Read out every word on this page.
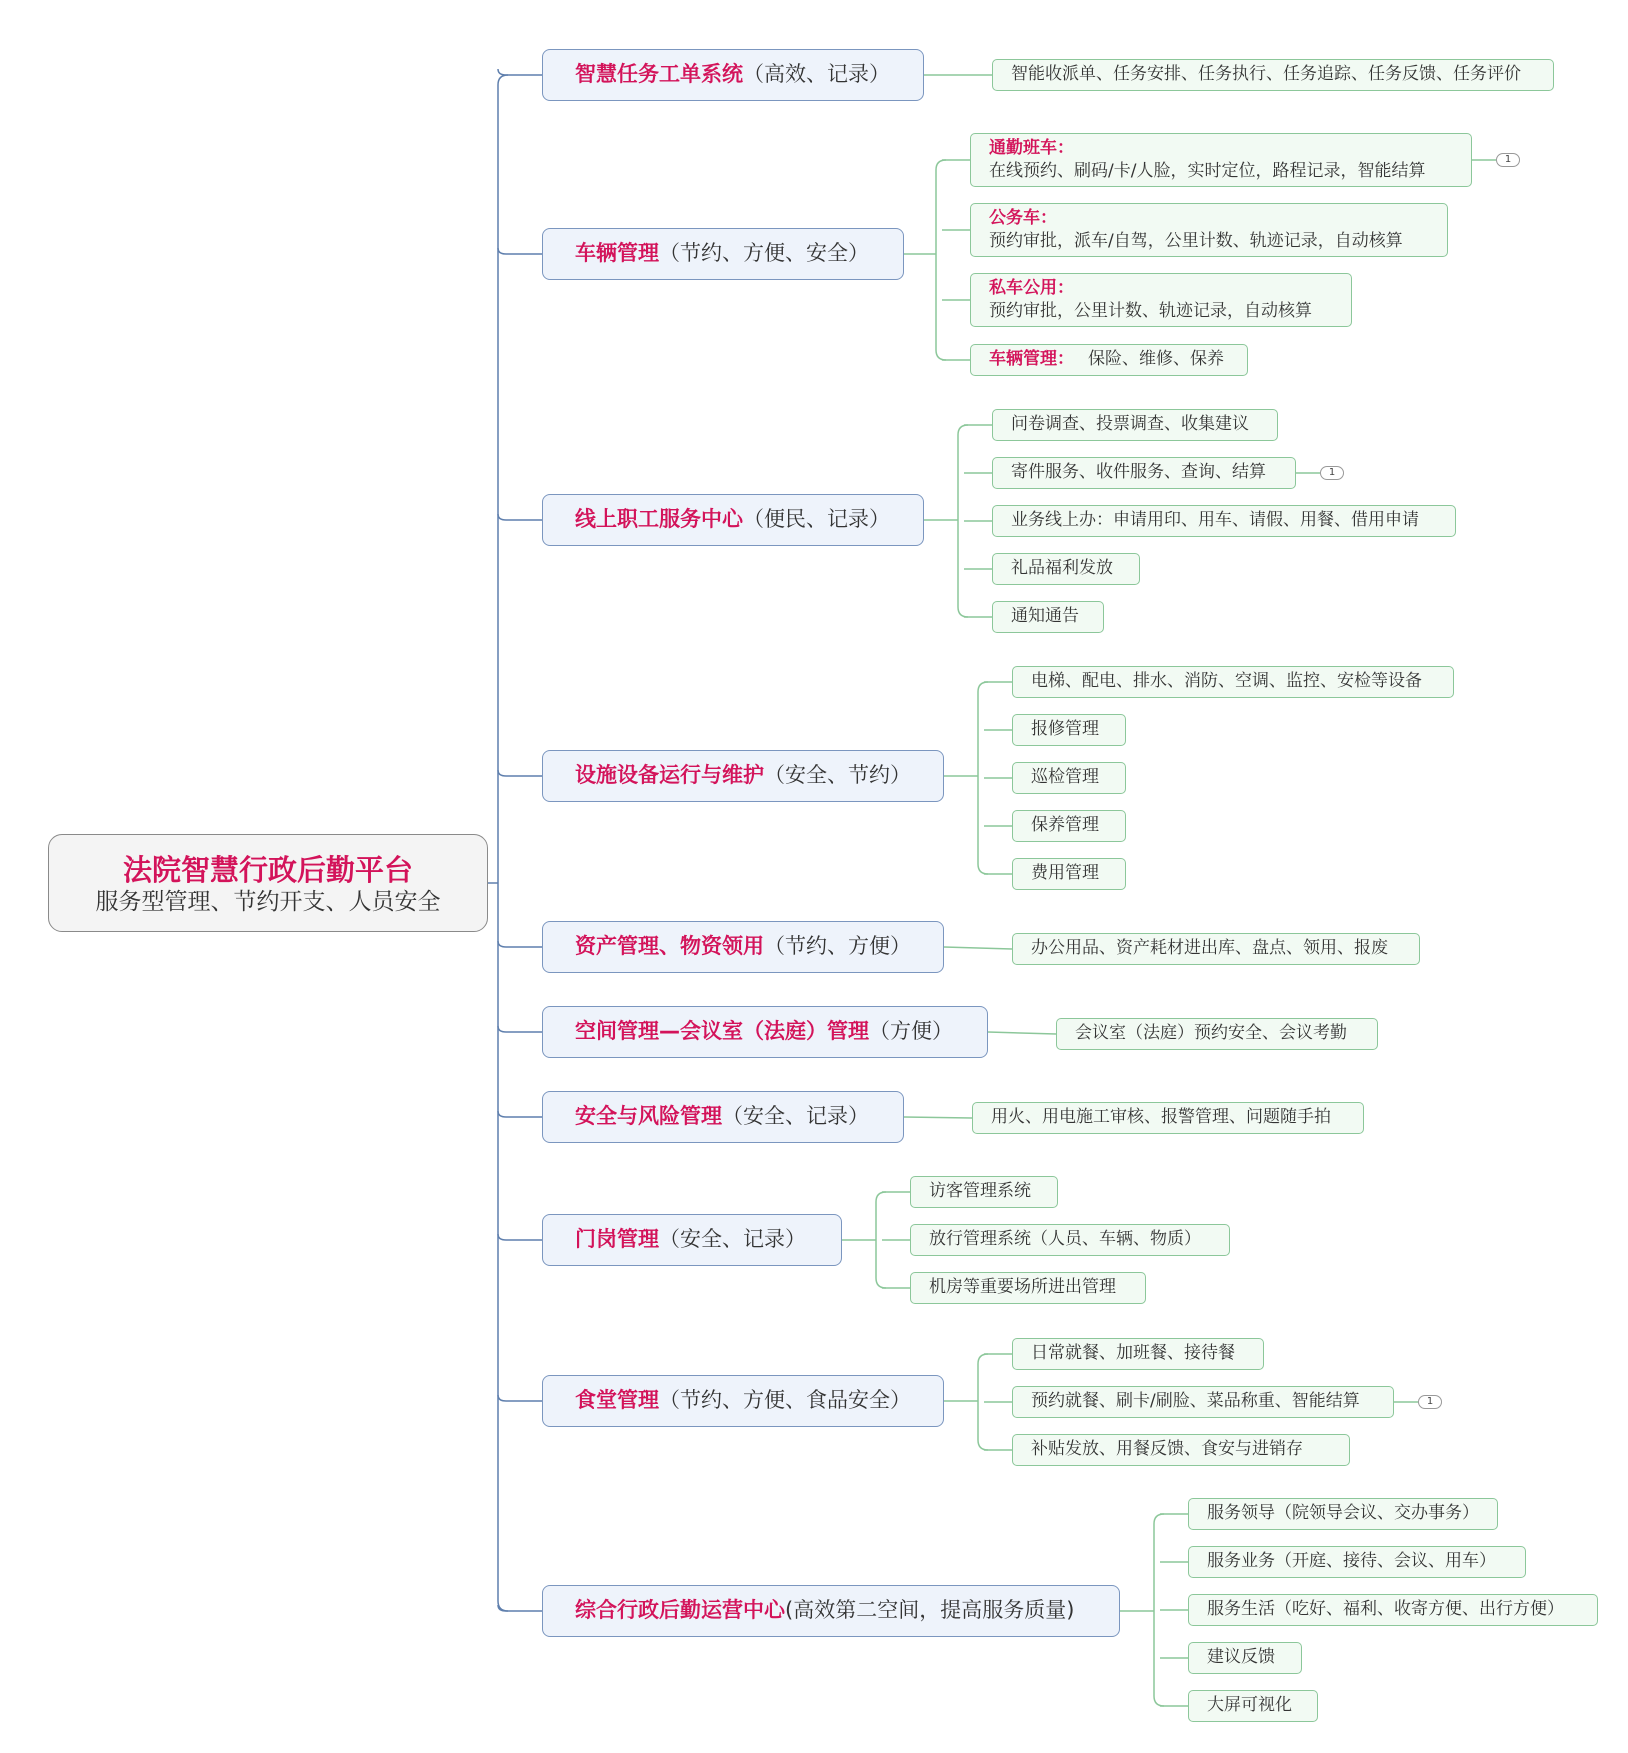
法院智慧行政后勤平台
服务型管理、节约开支、人员安全
智慧任务工单系统（高效、记录）	智能收派单、任务安排、任务执行、任务追踪、任务反馈、任务评价
车辆管理（节约、方便、安全）
通勤班车：
在线预约、刷码/卡/人脸，实时定位，路程记录，智能结算
1
公务车：
预约审批，派车/自驾，公里计数、轨迹记录，自动核算
私车公用：
预约审批，公里计数、轨迹记录，自动核算
车辆管理： 保险、维修、保养
线上职工服务中心（便民、记录）
问卷调查、投票调查、收集建议
寄件服务、收件服务、查询、结算	1
业务线上办：申请用印、用车、请假、用餐、借用申请
礼品福利发放
通知通告
设施设备运行与维护（安全、节约）
电梯、配电、排水、消防、空调、监控、安检等设备
报修管理
巡检管理
保养管理
费用管理
资产管理、物资领用（节约、方便）	办公用品、资产耗材进出库、盘点、领用、报废
空间管理—会议室（法庭）管理（方便）	会议室（法庭）预约安全、会议考勤
安全与风险管理（安全、记录）	用火、用电施工审核、报警管理、问题随手拍
门岗管理（安全、记录）
访客管理系统
放行管理系统（人员、车辆、物质）
机房等重要场所进出管理
食堂管理（节约、方便、食品安全）
日常就餐、加班餐、接待餐
预约就餐、刷卡/刷脸、菜品称重、智能结算	1
补贴发放、用餐反馈、食安与进销存
综合行政后勤运营中心(高效第二空间，提高服务质量)
服务领导（院领导会议、交办事务）
服务业务（开庭、接待、会议、用车）
服务生活（吃好、福利、收寄方便、出行方便）
建议反馈
大屏可视化
